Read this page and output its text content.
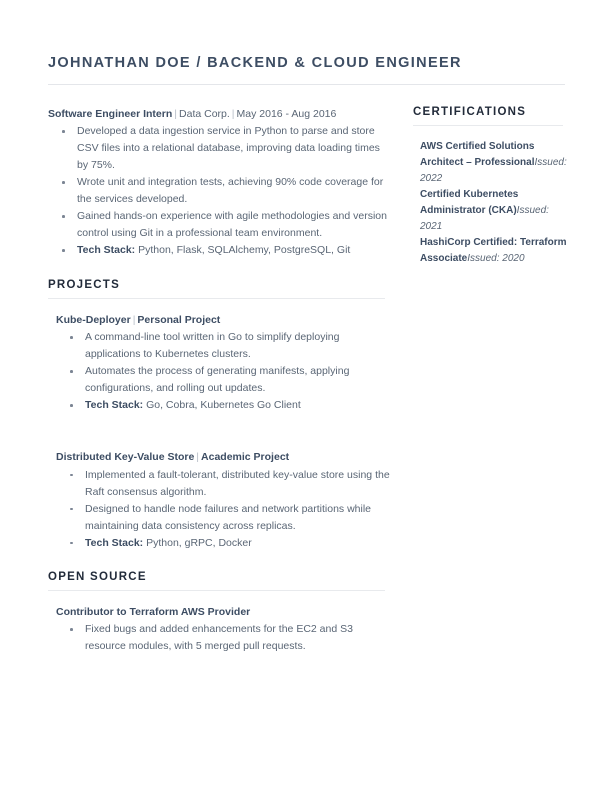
JOHNATHAN DOE / BACKEND & CLOUD ENGINEER
Software Engineer Intern | Data Corp. | May 2016 - Aug 2016
Developed a data ingestion service in Python to parse and store CSV files into a relational database, improving data loading times by 75%.
Wrote unit and integration tests, achieving 90% code coverage for the services developed.
Gained hands-on experience with agile methodologies and version control using Git in a professional team environment.
Tech Stack: Python, Flask, SQLAlchemy, PostgreSQL, Git
PROJECTS
Kube-Deployer | Personal Project
A command-line tool written in Go to simplify deploying applications to Kubernetes clusters.
Automates the process of generating manifests, applying configurations, and rolling out updates.
Tech Stack: Go, Cobra, Kubernetes Go Client
Distributed Key-Value Store | Academic Project
Implemented a fault-tolerant, distributed key-value store using the Raft consensus algorithm.
Designed to handle node failures and network partitions while maintaining data consistency across replicas.
Tech Stack: Python, gRPC, Docker
OPEN SOURCE
Contributor to Terraform AWS Provider
Fixed bugs and added enhancements for the EC2 and S3 resource modules, with 5 merged pull requests.
CERTIFICATIONS
AWS Certified Solutions Architect – ProfessionalIssued: 2022
Certified Kubernetes Administrator (CKA)Issued: 2021
HashiCorp Certified: Terraform AssociateIssued: 2020
